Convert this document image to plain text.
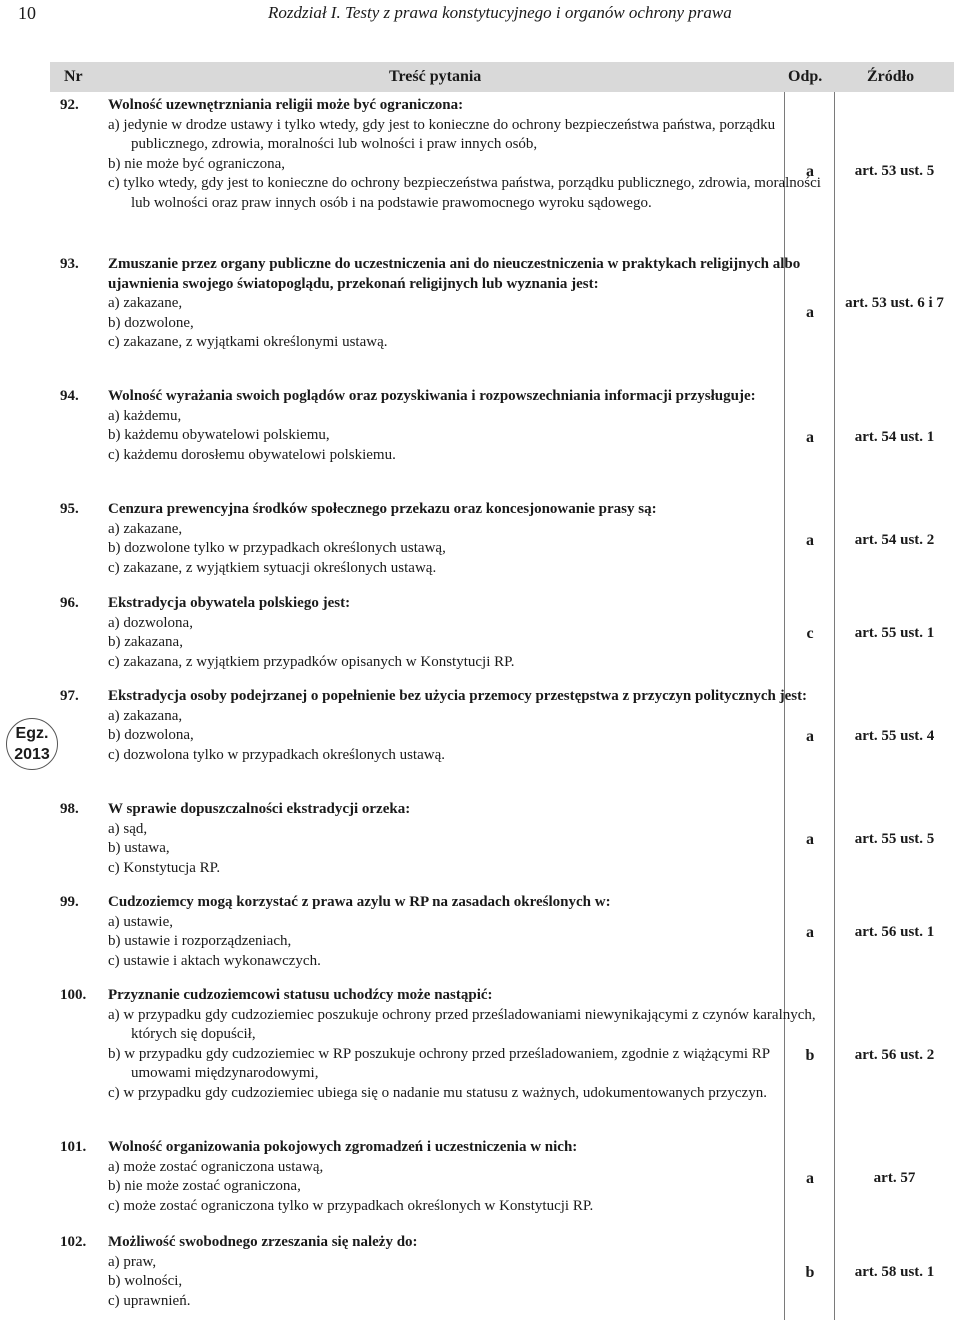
10	Rozdział I. Testy z prawa konstytucyjnego i organów ochrony prawa
Nr	Treść pytania	Odp.	Źródło
Egz.
2013
92.	Wolność uzewnętrzniania religii może być ograniczona:
a) jedynie w drodze ustawy i tylko wtedy, gdy jest to konieczne do ochrony bezpieczeństwa państwa, porządku publicznego, zdrowia, moralności lub wolności i praw innych osób,
b) nie może być ograniczona,
c) tylko wtedy, gdy jest to konieczne do ochrony bezpieczeństwa państwa, porządku publicznego, zdrowia, moralności lub wolności oraz praw innych osób i na podstawie prawomocnego wyroku sądowego.
a	art. 53 ust. 5
93.	Zmuszanie przez organy publiczne do uczestniczenia ani do nieuczestniczenia w praktykach religijnych albo ujawnienia swojego światopoglądu, przekonań religijnych lub wyznania jest:
a) zakazane,
b) dozwolone,
c) zakazane, z wyjątkami określonymi ustawą.
a
art. 53 ust. 6 i 7
94.	Wolność wyrażania swoich poglądów oraz pozyskiwania i rozpowszechniania informacji przysługuje:
a) każdemu,
b) każdemu obywatelowi polskiemu,
c) każdemu dorosłemu obywatelowi polskiemu.
a	art. 54 ust. 1
95.	Cenzura prewencyjna środków społecznego przekazu oraz koncesjonowanie prasy są:
a) zakazane,
b) dozwolone tylko w przypadkach określonych ustawą,
c) zakazane, z wyjątkiem sytuacji określonych ustawą.
a	art. 54 ust. 2
96.	Ekstradycja obywatela polskiego jest:
a) dozwolona,
b) zakazana,
c) zakazana, z wyjątkiem przypadków opisanych w Konstytucji RP.
c	art. 55 ust. 1
97.	Ekstradycja osoby podejrzanej o popełnienie bez użycia przemocy przestępstwa z przyczyn politycznych jest:
a) zakazana,
b) dozwolona,
c) dozwolona tylko w przypadkach określonych ustawą.
a	art. 55 ust. 4
98.	W sprawie dopuszczalności ekstradycji orzeka:
a) sąd,
b) ustawa,
c) Konstytucja RP.
a	art. 55 ust. 5
99.	Cudzoziemcy mogą korzystać z prawa azylu w RP na zasadach określonych w:
a) ustawie,
b) ustawie i rozporządzeniach,
c) ustawie i aktach wykonawczych.
a	art. 56 ust. 1
100.	Przyznanie cudzoziemcowi statusu uchodźcy może nastąpić:
a) w przypadku gdy cudzoziemiec poszukuje ochrony przed prześladowaniami niewynikającymi z czynów karalnych, których się dopuścił,
b) w przypadku gdy cudzoziemiec w RP poszukuje ochrony przed prześladowaniem, zgodnie z wiążącymi RP umowami międzynarodowymi,
c) w przypadku gdy cudzoziemiec ubiega się o nadanie mu statusu z ważnych, udokumentowanych przyczyn.
b	art. 56 ust. 2
101.	Wolność organizowania pokojowych zgromadzeń i uczestniczenia w nich:
a) może zostać ograniczona ustawą,
b) nie może zostać ograniczona,
c) może zostać ograniczona tylko w przypadkach określonych w Konstytucji RP.
a	art. 57
102.	Możliwość swobodnego zrzeszania się należy do:
a) praw,
b) wolności,
c) uprawnień.
b	art. 58 ust. 1
